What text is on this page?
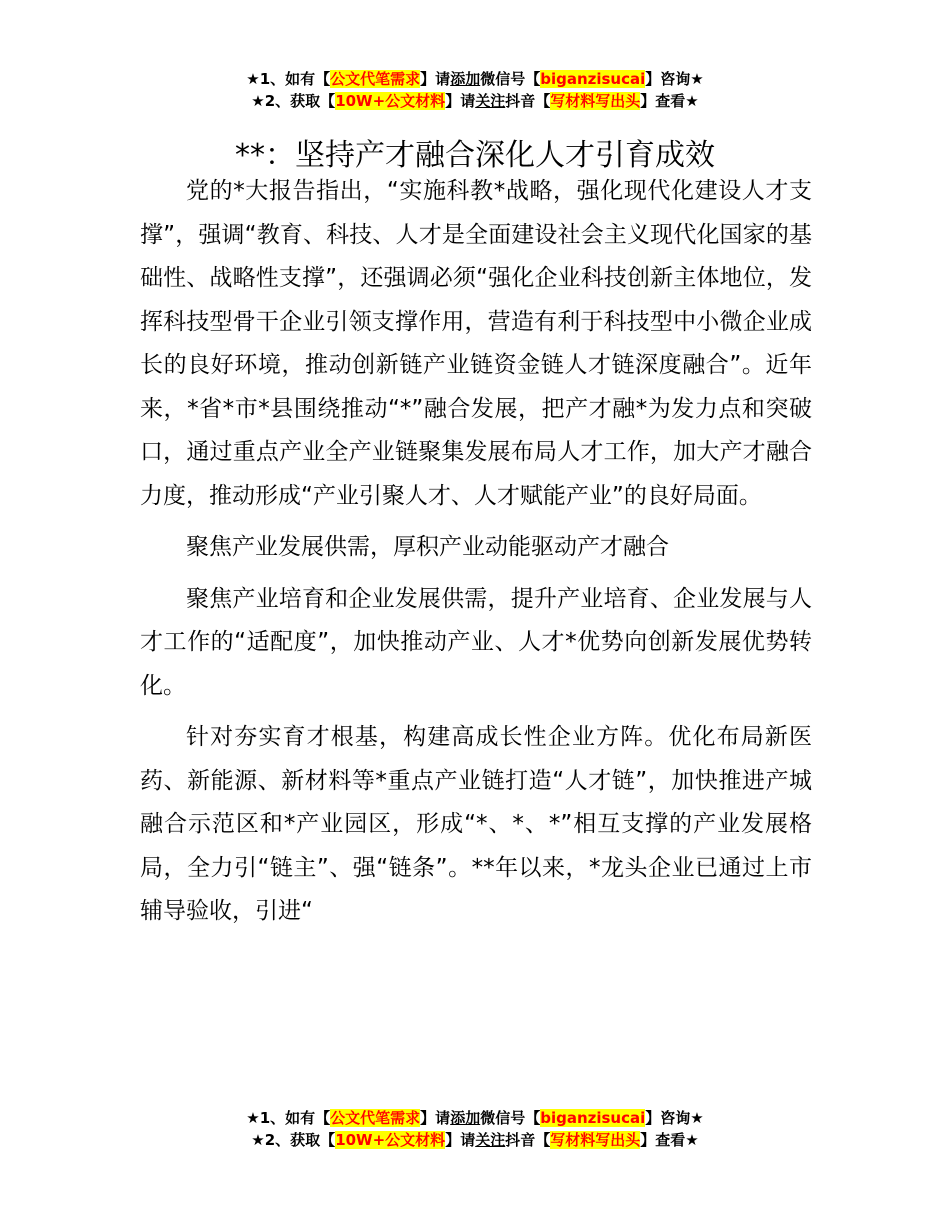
★1、如有【公文代笔需求】请添加微信号【biganzisucai】咨询★
★2、获取【10W+公文材料】请关注抖音【写材料写出头】查看★
**：坚持产才融合深化人才引育成效

党的*大报告指出，“实施科教*战略，强化现代化建设人才支撑”，强调“教育、科技、人才是全面建设社会主义现代化国家的基础性、战略性支撑”，还强调必须“强化企业科技创新主体地位，发挥科技型骨干企业引领支撑作用，营造有利于科技型中小微企业成长的良好环境，推动创新链产业链资金链人才链深度融合”。近年来，*省*市*县围绕推动“*”融合发展，把产才融*为发力点和突破口，通过重点产业全产业链聚集发展布局人才工作，加大产才融合力度，推动形成“产业引聚人才、人才赋能产业”的良好局面。

聚焦产业发展供需，厚积产业动能驱动产才融合

聚焦产业培育和企业发展供需，提升产业培育、企业发展与人才工作的“适配度”，加快推动产业、人才*优势向创新发展优势转化。

针对夯实育才根基，构建高成长性企业方阵。优化布局新医药、新能源、新材料等*重点产业链打造“人才链”，加快推进产城融合示范区和*产业园区，形成“*、*、*”相互支撑的产业发展格局，全力引“链主”、强“链条”。**年以来，*龙头企业已通过上市辅导验收，引进“

★1、如有【公文代笔需求】请添加微信号【biganzisucai】咨询★
★2、获取【10W+公文材料】请关注抖音【写材料写出头】查看★
